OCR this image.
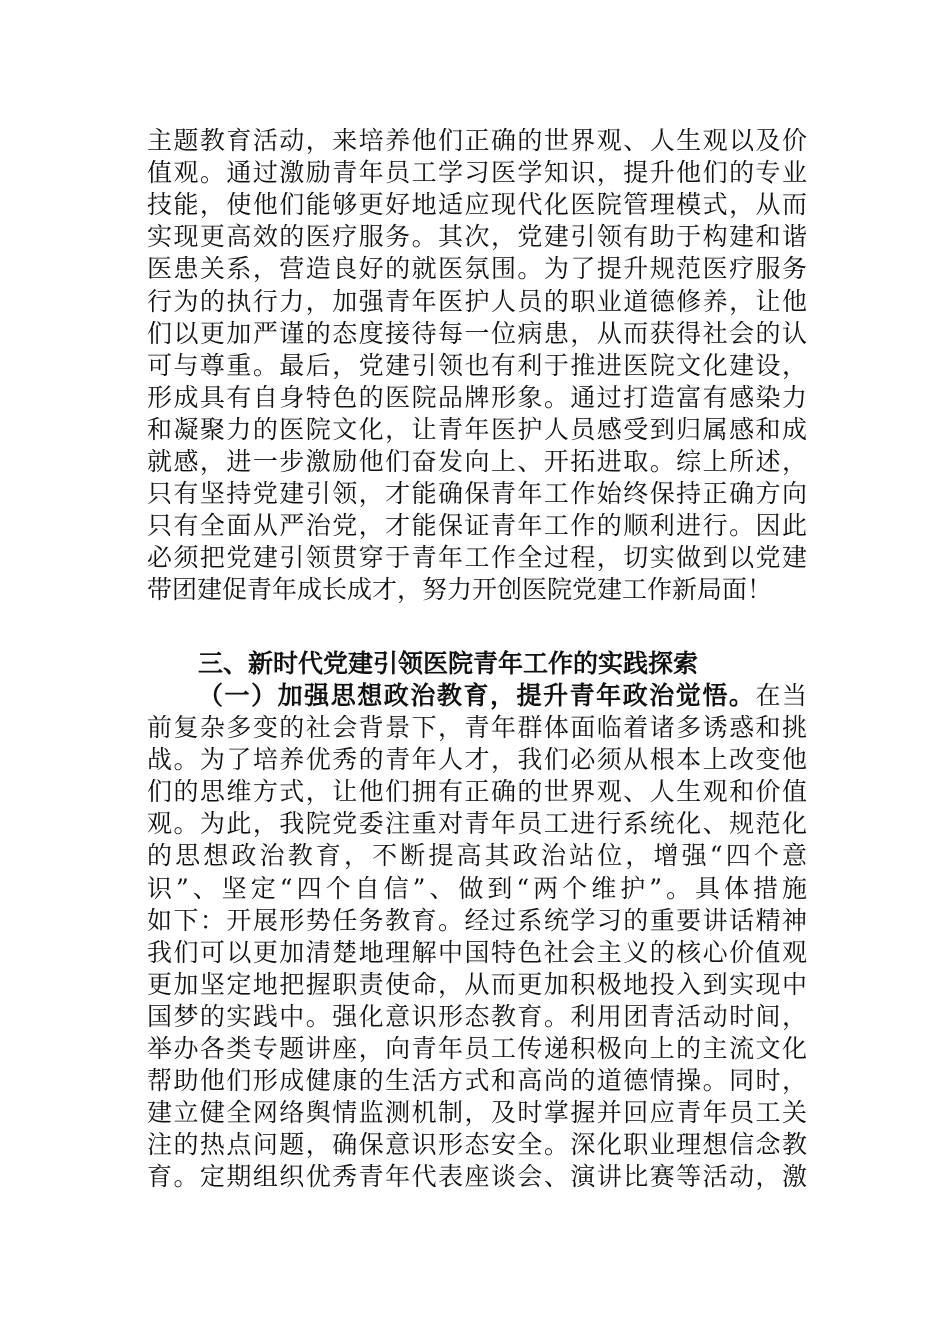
主题教育活动，来培养他们正确的世界观、人生观以及价
值观。通过激励青年员工学习医学知识，提升他们的专业
技能，使他们能够更好地适应现代化医院管理模式，从而
实现更高效的医疗服务。其次，党建引领有助于构建和谐
医患关系，营造良好的就医氛围。为了提升规范医疗服务
行为的执行力，加强青年医护人员的职业道德修养，让他
们以更加严谨的态度接待每一位病患，从而获得社会的认
可与尊重。最后，党建引领也有利于推进医院文化建设，
形成具有自身特色的医院品牌形象。通过打造富有感染力
和凝聚力的医院文化，让青年医护人员感受到归属感和成
就感，进一步激励他们奋发向上、开拓进取。综上所述，
只有坚持党建引领，才能确保青年工作始终保持正确方向
只有全面从严治党，才能保证青年工作的顺利进行。因此
必须把党建引领贯穿于青年工作全过程，切实做到以党建
带团建促青年成长成才，努力开创医院党建工作新局面！
三、新时代党建引领医院青年工作的实践探索
（一）加强思想政治教育，提升青年政治觉悟。在当
前复杂多变的社会背景下，青年群体面临着诸多诱惑和挑
战。为了培养优秀的青年人才，我们必须从根本上改变他
们的思维方式，让他们拥有正确的世界观、人生观和价值
观。为此，我院党委注重对青年员工进行系统化、规范化
的思想政治教育，不断提高其政治站位，增强“四个意
识”、坚定“四个自信”、做到“两个维护”。具体措施
如下：开展形势任务教育。经过系统学习的重要讲话精神
我们可以更加清楚地理解中国特色社会主义的核心价值观
更加坚定地把握职责使命，从而更加积极地投入到实现中
国梦的实践中。强化意识形态教育。利用团青活动时间，
举办各类专题讲座，向青年员工传递积极向上的主流文化
帮助他们形成健康的生活方式和高尚的道德情操。同时，
建立健全网络舆情监测机制，及时掌握并回应青年员工关
注的热点问题，确保意识形态安全。深化职业理想信念教
育。定期组织优秀青年代表座谈会、演讲比赛等活动，激
